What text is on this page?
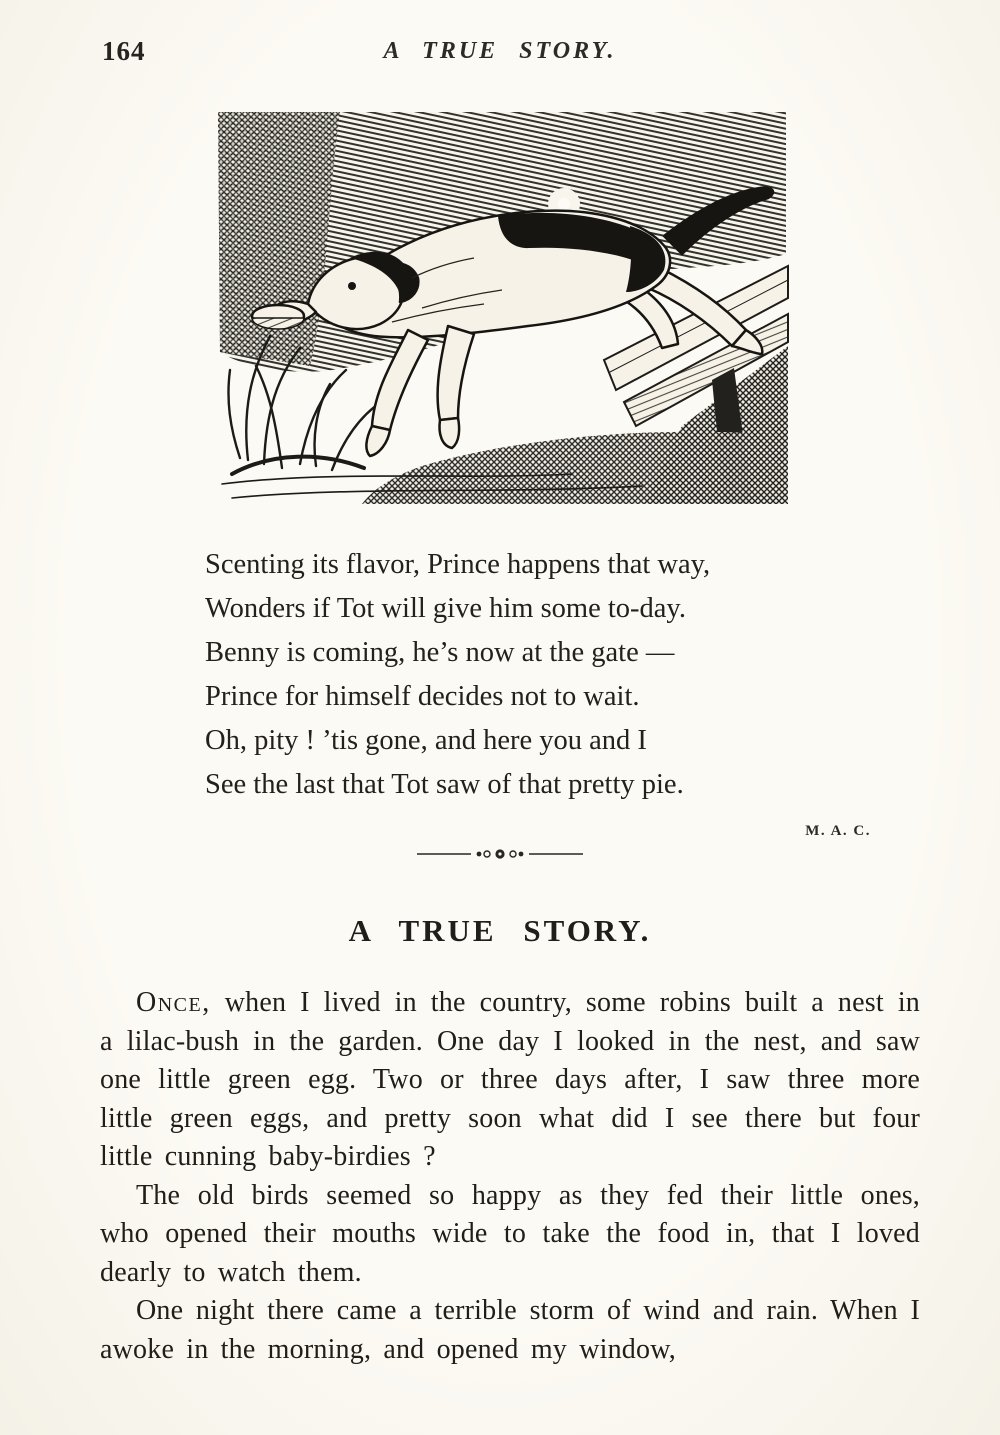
164	A TRUE STORY.
Scenting its flavor, Prince happens that way,
Wonders if Tot will give him some to-day.
Benny is coming, he’s now at the gate —
Prince for himself decides not to wait.
Oh, pity ! ’tis gone, and here you and I
See the last that Tot saw of that pretty pie.
M. A. C.
A TRUE STORY.

Once, when I lived in the country, some robins built a nest in a lilac-bush in the garden. One day I looked in the nest, and saw one little green egg. Two or three days after, I saw three more little green eggs, and pretty soon what did I see there but four little cunning baby-birdies ?

The old birds seemed so happy as they fed their little ones, who opened their mouths wide to take the food in, that I loved dearly to watch them.

One night there came a terrible storm of wind and rain. When I awoke in the morning, and opened my window,
